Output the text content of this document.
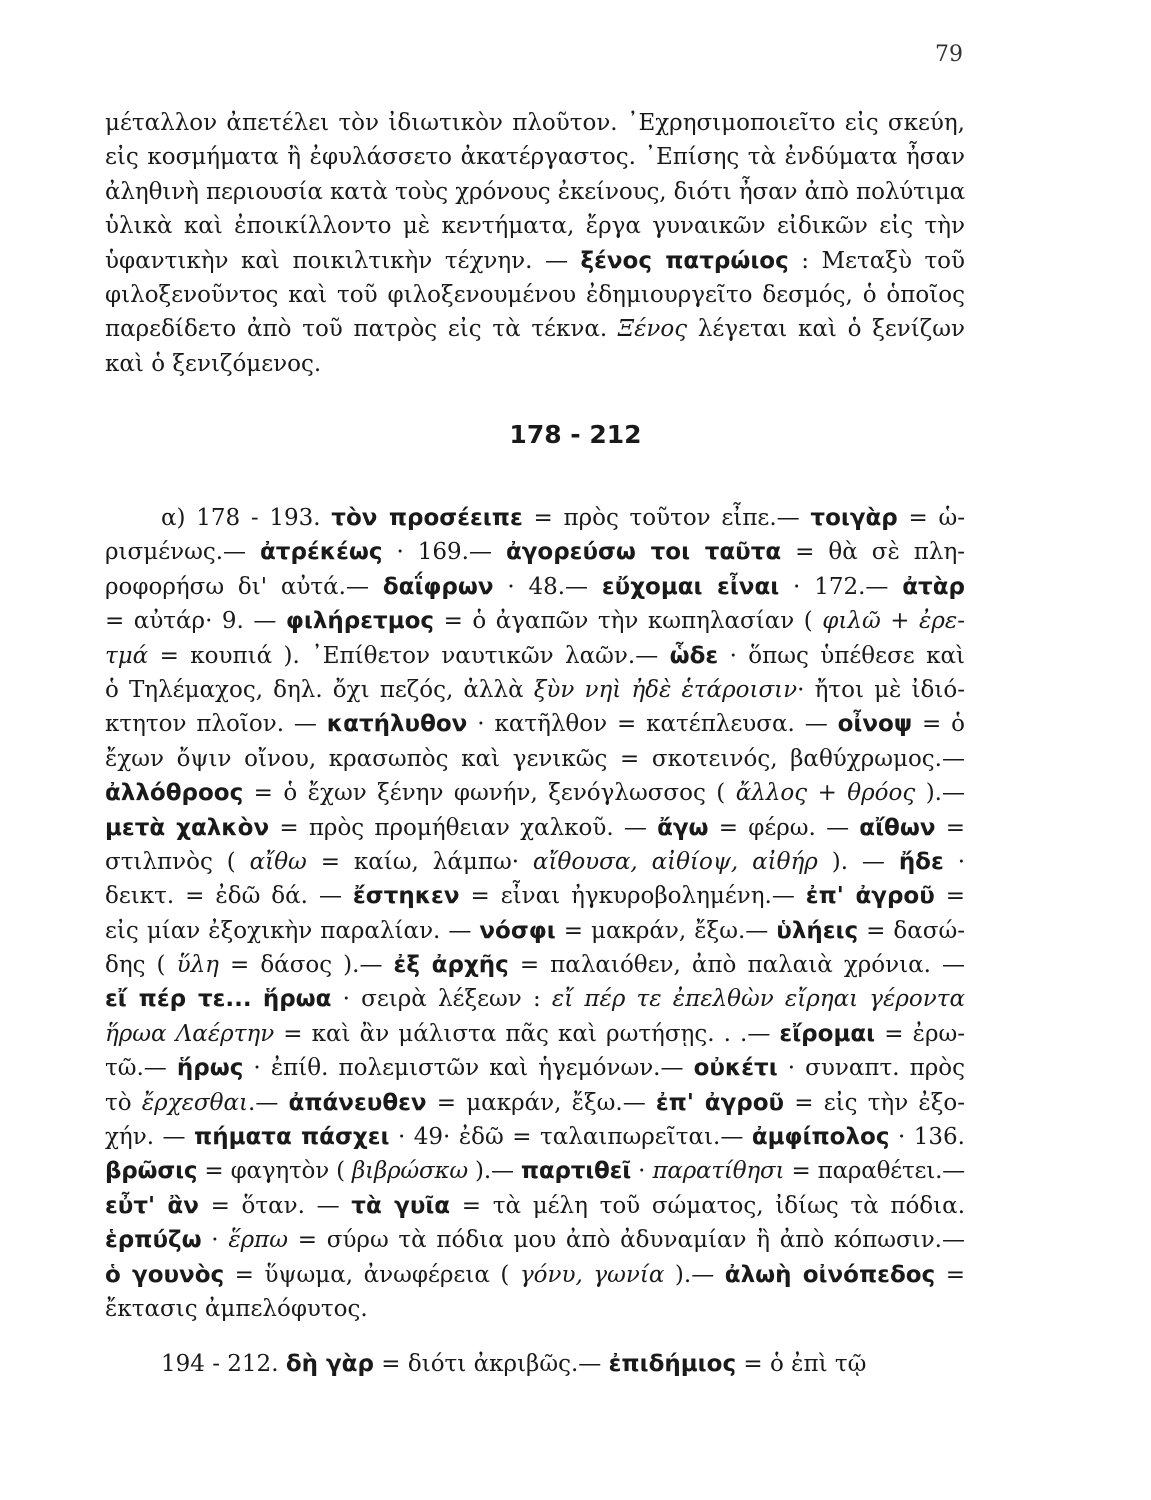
79
μέταλλον ἀπετέλει τὸν ἰδιωτικὸν πλοῦτον. ᾿Εχρησιμοποιεῖτο εἰς σκεύη,
εἰς κοσμήματα ἢ ἐφυλάσσετο ἀκατέργαστος. ᾿Επίσης τὰ ἐνδύματα ἦσαν
ἀληθινὴ περιουσία κατὰ τοὺς χρόνους ἐκείνους, διότι ἦσαν ἀπὸ πολύτιμα
ὑλικὰ καὶ ἐποικίλλοντο μὲ κεντήματα, ἔργα γυναικῶν εἰδικῶν εἰς τὴν
ὑφαντικὴν καὶ ποικιλτικὴν τέχνην. — ξένος πατρώιος : Μεταξὺ τοῦ
φιλοξενοῦντος καὶ τοῦ φιλοξενουμένου ἐδημιουργεῖτο δεσμός, ὁ ὁποῖος
παρεδίδετο ἀπὸ τοῦ πατρὸς εἰς τὰ τέκνα. Ξένος λέγεται καὶ ὁ ξενίζων
καὶ ὁ ξενιζόμενος.
178 - 212
α) 178 - 193. τὸν προσέειπε = πρὸς τοῦτον εἶπε.— τοιγὰρ = ὡ-
ρισμένως.— ἀτρέκέως · 169.— ἀγορεύσω τοι ταῦτα = θὰ σὲ πλη-
ροφορήσω δι' αὐτά.— δαΐφρων · 48.— εὔχομαι εἶναι · 172.— ἀτὰρ
= αὐτάρ· 9. — φιλήρετμος = ὁ ἀγαπῶν τὴν κωπηλασίαν ( φιλῶ + ἐρε-
τμά = κουπιά ). ᾿Επίθετον ναυτικῶν λαῶν.— ὧδε · ὅπως ὑπέθεσε καὶ
ὁ Τηλέμαχος, δηλ. ὄχι πεζός, ἀλλὰ ξὺν νηὶ ἠδὲ ἑτάροισιν· ἤτοι μὲ ἰδιό-
κτητον πλοῖον. — κατήλυθον · κατῆλθον = κατέπλευσα. — οἶνοψ = ὁ
ἔχων ὄψιν οἴνου, κρασωπὸς καὶ γενικῶς = σκοτεινός, βαθύχρωμος.—
ἀλλόθροος = ὁ ἔχων ξένην φωνήν, ξενόγλωσσος ( ἄλλος + θρόος ).—
μετὰ χαλκὸν = πρὸς προμήθειαν χαλκοῦ. — ἄγω = φέρω. — αἴθων =
στιλπνὸς ( αἴθω = καίω, λάμπω· αἴθουσα, αἰθίοψ, αἰθήρ ). — ἤδε ·
δεικτ. = ἐδῶ δά. — ἔστηκεν = εἶναι ἠγκυροβολημένη.— ἐπ' ἀγροῦ =
εἰς μίαν ἐξοχικὴν παραλίαν. — νόσφι = μακράν, ἔξω.— ὑλήεις = δασώ-
δης ( ὕλη = δάσος ).— ἐξ ἀρχῆς = παλαιόθεν, ἀπὸ παλαιὰ χρόνια. —
εἴ πέρ τε... ἥρωα · σειρὰ λέξεων : εἴ πέρ τε ἐπελθὼν εἴρηαι γέροντα
ἥρωα Λαέρτην = καὶ ἂν μάλιστα πᾶς καὶ ρωτήσῃς. . .— εἴρομαι = ἐρω-
τῶ.— ἥρως · ἐπίθ. πολεμιστῶν καὶ ἡγεμόνων.— οὐκέτι · συναπτ. πρὸς
τὸ ἔρχεσθαι.— ἀπάνευθεν = μακράν, ἔξω.— ἐπ' ἀγροῦ = εἰς τὴν ἐξο-
χήν. — πήματα πάσχει · 49· ἐδῶ = ταλαιπωρεῖται.— ἀμφίπολος · 136.
βρῶσις = φαγητὸν ( βιβρώσκω ).— παρτιθεῖ · παρατίθησι = παραθέτει.—
εὖτ' ἂν = ὅταν. — τὰ γυῖα = τὰ μέλη τοῦ σώματος, ἰδίως τὰ πόδια.
ἑρπύζω · ἕρπω = σύρω τὰ πόδια μου ἀπὸ ἀδυναμίαν ἢ ἀπὸ κόπωσιν.—
ὁ γουνὸς = ὕψωμα, ἀνωφέρεια ( γόνυ, γωνία ).— ἀλωὴ οἰνόπεδος =
ἔκτασις ἀμπελόφυτος.
194 - 212. δὴ γὰρ = διότι ἀκριβῶς.— ἐπιδήμιος = ὁ ἐπὶ τῷ
